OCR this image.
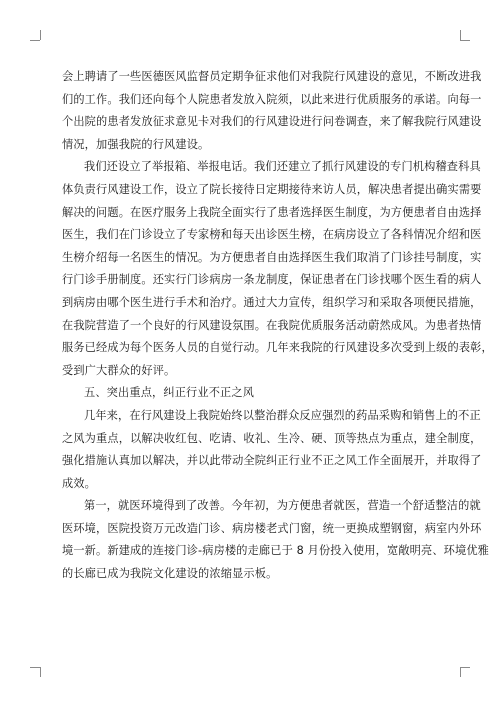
会上聘请了一些医德医风监督员定期争征求他们对我院行风建设的意见，不断改进我
们的工作。我们还向每个人院患者发放入院须，以此来进行优质服务的承诺。向每一
个出院的患者发放征求意见卡对我们的行风建设进行问卷调查，来了解我院行风建设
情况，加强我院的行风建设。
我们还设立了举报箱、举报电话。我们还建立了抓行风建设的专门机构稽查科具
体负责行风建设工作，设立了院长接待日定期接待来访人员，解决患者提出确实需要
解决的问题。在医疗服务上我院全面实行了患者选择医生制度，为方便患者自由选择
医生，我们在门诊设立了专家榜和每天出诊医生榜，在病房设立了各科情况介绍和医
生榜介绍每一名医生的情况。为方便患者自由选择医生我们取消了门诊挂号制度，实
行门诊手册制度。还实行门诊病房一条龙制度，保证患者在门诊找哪个医生看的病人
到病房由哪个医生进行手术和治疗。通过大力宣传，组织学习和采取各项便民措施，
在我院营造了一个良好的行风建设氛围。在我院优质服务活动蔚然成风。为患者热情
服务已经成为每个医务人员的自觉行动。几年来我院的行风建设多次受到上级的表彰，
受到广大群众的好评。
五、突出重点，纠正行业不正之风
几年来，在行风建设上我院始终以整治群众反应强烈的药品采购和销售上的不正
之风为重点，以解决收红包、吃请、收礼、生冷、硬、顶等热点为重点，建全制度，
强化措施认真加以解决，并以此带动全院纠正行业不正之风工作全面展开，并取得了
成效。
第一，就医环境得到了改善。今年初，为方便患者就医，营造一个舒适整洁的就
医环境，医院投资万元改造门诊、病房楼老式门窗，统一更换成塑钢窗，病室内外环
境一新。新建成的连接门诊-病房楼的走廊已于 8 月份投入使用，宽敞明亮、环境优雅
的长廊已成为我院文化建设的浓缩显示板。
